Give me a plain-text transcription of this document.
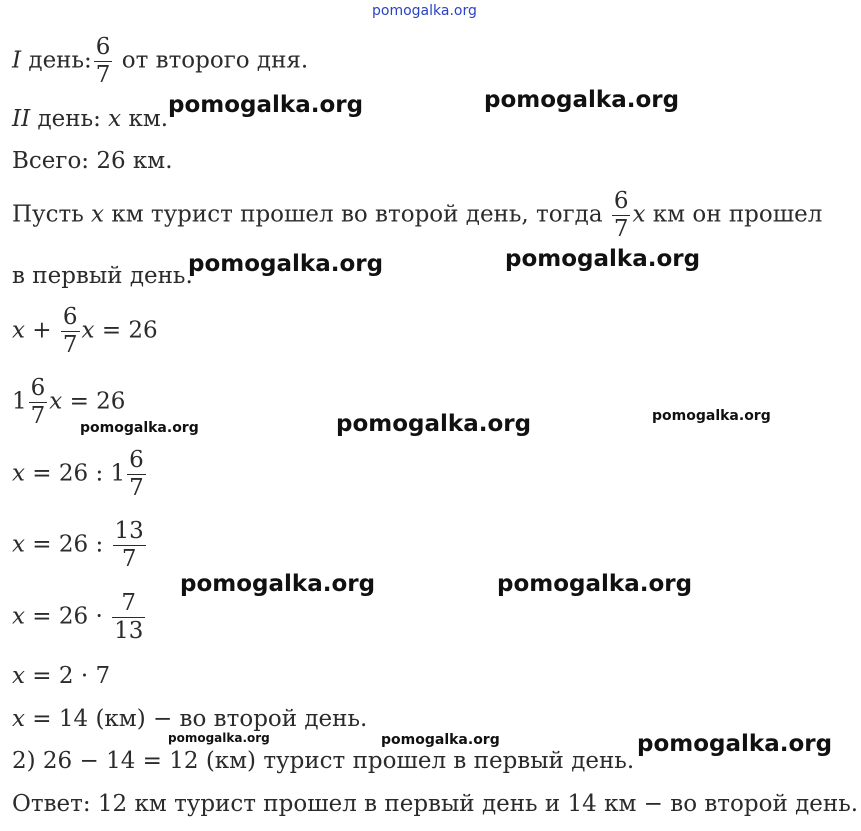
pomogalka.org
pomogalka.org	pomogalka.org
pomogalka.org	pomogalka.org
pomogalka.org	pomogalka.org	pomogalka.org
pomogalka.org	pomogalka.org
pomogalka.org	pomogalka.org	pomogalka.org
I день: $\frac{6}{7}$ от второго дня.
II день: x км.
Всего: 26 км.
Пусть x км турист прошел во второй день, тогда $\frac{6}{7}$ x км он прошел
в первый день.
$x + \frac{6}{7}$ x = 26
$1 \frac{6}{7}$ x = 26
x = 26 : $1 \frac{6}{7}$
x = 26 : $\frac{13}{7}$
$x = 26 \cdot \frac{7}{13}$
x = 2 · 7
x = 14 (км) − во второй день.
2) 26 − 14 = 12 (км) турист прошел в первый день.
Ответ: 12 км турист прошел в первый день и 14 км − во второй день.
